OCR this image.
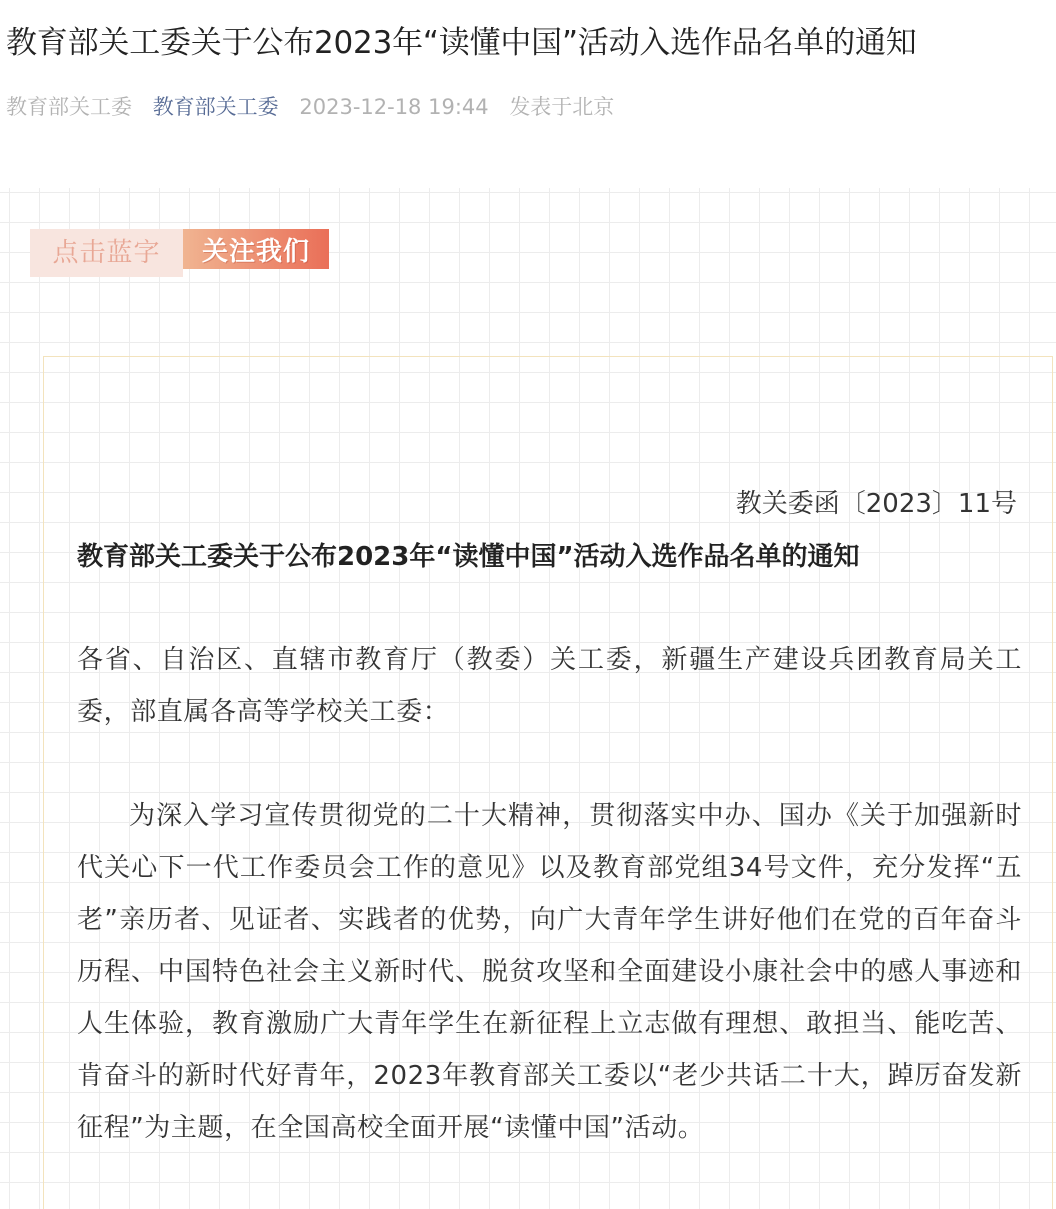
教育部关工委关于公布2023年“读懂中国”活动入选作品名单的通知
教育部关工委 教育部关工委 2023-12-18 19:44 发表于北京
点击蓝字	关注我们
教关委函〔2023〕11号
教育部关工委关于公布2023年“读懂中国”活动入选作品名单的通知

各省、自治区、直辖市教育厅（教委）关工委，新疆生产建设兵团教育局关工委，部直属各高等学校关工委：

为深入学习宣传贯彻党的二十大精神，贯彻落实中办、国办《关于加强新时代关心下一代工作委员会工作的意见》以及教育部党组34号文件，充分发挥“五老”亲历者、见证者、实践者的优势，向广大青年学生讲好他们在党的百年奋斗历程、中国特色社会主义新时代、脱贫攻坚和全面建设小康社会中的感人事迹和人生体验，教育激励广大青年学生在新征程上立志做有理想、敢担当、能吃苦、肯奋斗的新时代好青年，2023年教育部关工委以“老少共话二十大，踔厉奋发新征程”为主题，在全国高校全面开展“读懂中国”活动。
